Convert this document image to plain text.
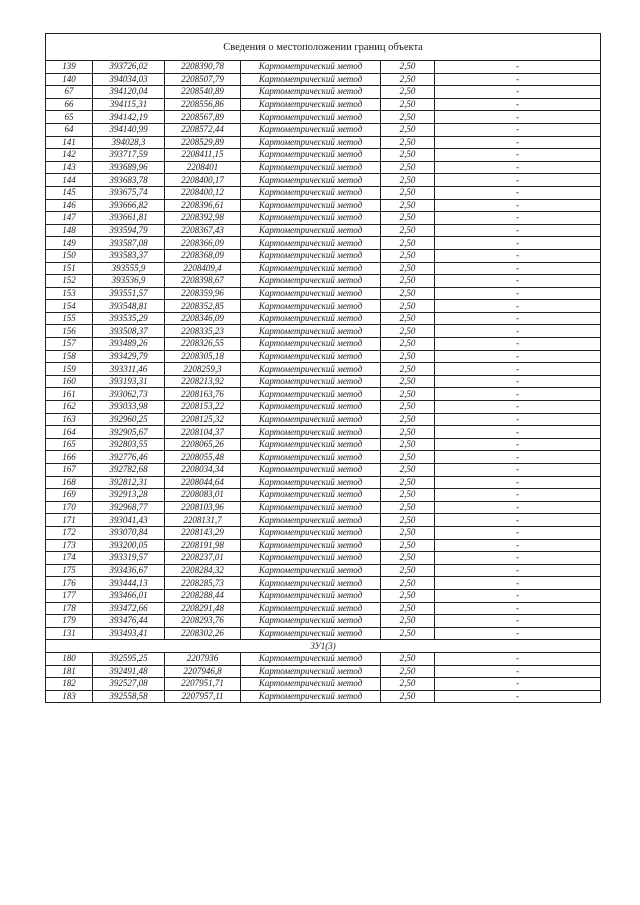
Сведения о местоположении границ объекта					
139	393726,02	2208390,78	Картометрический метод	2,50	-
140	394034,03	2208507,79	Картометрический метод	2,50	-
67	394120,04	2208540,89	Картометрический метод	2,50	-
66	394115,31	2208556,86	Картометрический метод	2,50	-
65	394142,19	2208567,89	Картометрический метод	2,50	-
64	394140,99	2208572,44	Картометрический метод	2,50	-
141	394028,3	2208529,89	Картометрический метод	2,50	-
142	393717,59	2208411,15	Картометрический метод	2,50	-
143	393689,96	2208401	Картометрический метод	2,50	-
144	393683,78	2208400,17	Картометрический метод	2,50	-
145	393675,74	2208400,12	Картометрический метод	2,50	-
146	393666,82	2208396,61	Картометрический метод	2,50	-
147	393661,81	2208392,98	Картометрический метод	2,50	-
148	393594,79	2208367,43	Картометрический метод	2,50	-
149	393587,08	2208366,09	Картометрический метод	2,50	-
150	393583,37	2208368,09	Картометрический метод	2,50	-
151	393555,9	2208409,4	Картометрический метод	2,50	-
152	393536,9	2208398,67	Картометрический метод	2,50	-
153	393551,57	2208359,96	Картометрический метод	2,50	-
154	393548,81	2208352,85	Картометрический метод	2,50	-
155	393535,29	2208346,09	Картометрический метод	2,50	-
156	393508,37	2208335,23	Картометрический метод	2,50	-
157	393489,26	2208326,55	Картометрический метод	2,50	-
158	393429,79	2208305,18	Картометрический метод	2,50	-
159	393311,46	2208259,3	Картометрический метод	2,50	-
160	393193,31	2208213,92	Картометрический метод	2,50	-
161	393062,73	2208163,76	Картометрический метод	2,50	-
162	393033,98	2208153,22	Картометрический метод	2,50	-
163	392960,25	2208125,32	Картометрический метод	2,50	-
164	392905,67	2208104,37	Картометрический метод	2,50	-
165	392803,55	2208065,26	Картометрический метод	2,50	-
166	392776,46	2208055,48	Картометрический метод	2,50	-
167	392782,68	2208034,34	Картометрический метод	2,50	-
168	392812,31	2208044,64	Картометрический метод	2,50	-
169	392913,28	2208083,01	Картометрический метод	2,50	-
170	392968,77	2208103,96	Картометрический метод	2,50	-
171	393041,43	2208131,7	Картометрический метод	2,50	-
172	393070,84	2208143,29	Картометрический метод	2,50	-
173	393200,05	2208191,98	Картометрический метод	2,50	-
174	393319,57	2208237,01	Картометрический метод	2,50	-
175	393436,67	2208284,32	Картометрический метод	2,50	-
176	393444,13	2208285,73	Картометрический метод	2,50	-
177	393466,01	2208288,44	Картометрический метод	2,50	-
178	393472,66	2208291,48	Картометрический метод	2,50	-
179	393476,44	2208293,76	Картометрический метод	2,50	-
131	393493,41	2208302,26	Картометрический метод	2,50	-
ЗУ1(3)					
180	392595,25	2207936	Картометрический метод	2,50	-
181	392491,48	2207946,8	Картометрический метод	2,50	-
182	392527,08	2207951,71	Картометрический метод	2,50	-
183	392558,58	2207957,11	Картометрический метод	2,50	-
